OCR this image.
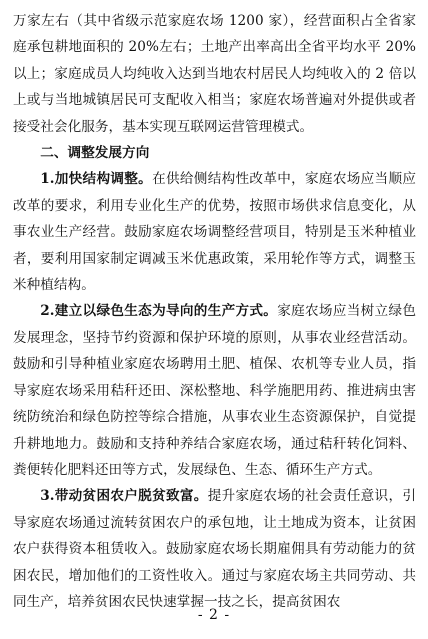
万家左右（其中省级示范家庭农场 1200 家），经营面积占全省家庭承包耕地面积的 20%左右；土地产出率高出全省平均水平 20%以上；家庭成员人均纯收入达到当地农村居民人均纯收入的 2 倍以上或与当地城镇居民可支配收入相当；家庭农场普遍对外提供或者接受社会化服务，基本实现互联网运营管理模式。

二、调整发展方向

1.加快结构调整。在供给侧结构性改革中，家庭农场应当顺应改革的要求，利用专业化生产的优势，按照市场供求信息变化，从事农业生产经营。鼓励家庭农场调整经营项目，特别是玉米种植业者，要利用国家制定调减玉米优惠政策，采用轮作等方式，调整玉米种植结构。

2.建立以绿色生态为导向的生产方式。家庭农场应当树立绿色发展理念，坚持节约资源和保护环境的原则，从事农业经营活动。鼓励和引导种植业家庭农场聘用土肥、植保、农机等专业人员，指导家庭农场采用秸秆还田、深松整地、科学施肥用药、推进病虫害统防统治和绿色防控等综合措施，从事农业生态资源保护，自觉提升耕地地力。鼓励和支持种养结合家庭农场，通过秸秆转化饲料、粪便转化肥料还田等方式，发展绿色、生态、循环生产方式。

3.带动贫困农户脱贫致富。提升家庭农场的社会责任意识，引导家庭农场通过流转贫困农户的承包地，让土地成为资本，让贫困农户获得资本租赁收入。鼓励家庭农场长期雇佣具有劳动能力的贫困农民，增加他们的工资性收入。通过与家庭农场主共同劳动、共同生产，培养贫困农民快速掌握一技之长，提高贫困农

- 2 -
